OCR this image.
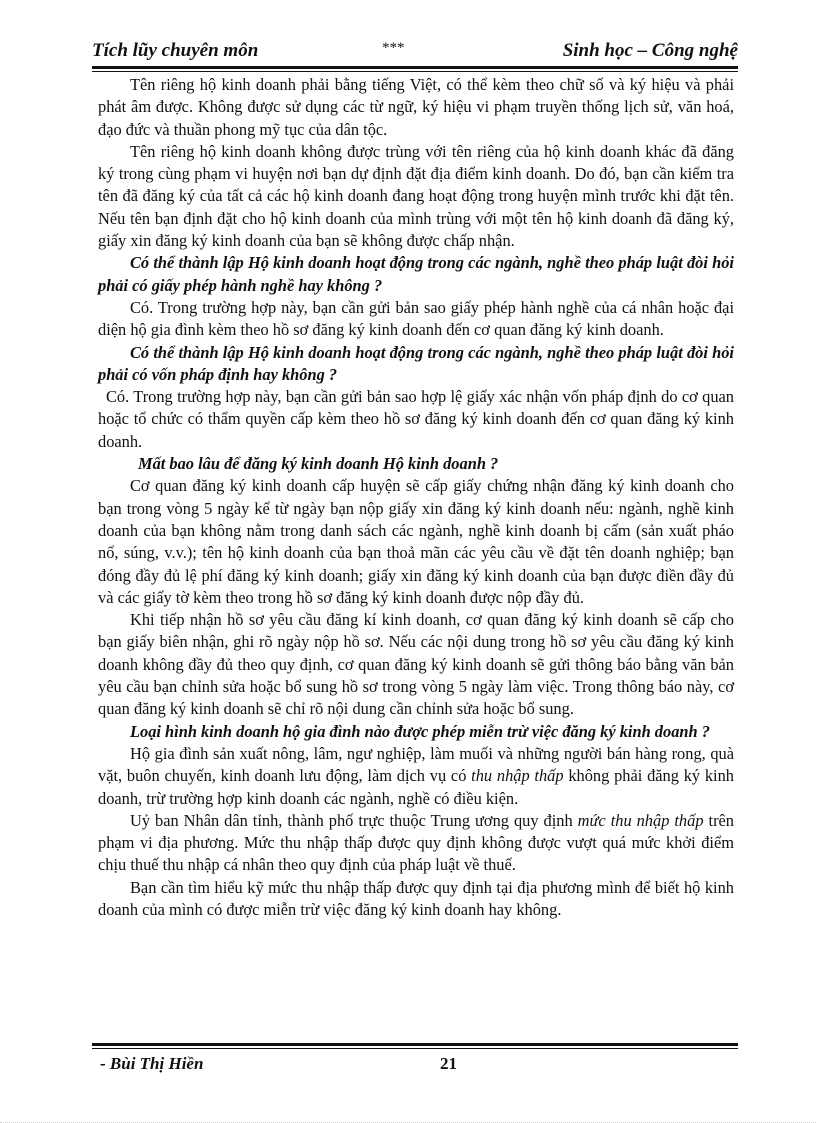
Tích lũy chuyên môn	***	Sinh học – Công nghệ

Tên riêng hộ kinh doanh phải bằng tiếng Việt, có thể kèm theo chữ số và ký hiệu và phải phát âm được. Không được sử dụng các từ ngữ, ký hiệu vi phạm truyền thống lịch sử, văn hoá, đạo đức và thuần phong mỹ tục của dân tộc.

Tên riêng hộ kinh doanh không được trùng với tên riêng của hộ kinh doanh khác đã đăng ký trong cùng phạm vi huyện nơi bạn dự định đặt địa điểm kinh doanh. Do đó, bạn cần kiểm tra tên đã đăng ký của tất cả các hộ kinh doanh đang hoạt động trong huyện mình trước khi đặt tên. Nếu tên bạn định đặt cho hộ kinh doanh của mình trùng với một tên hộ kinh doanh đã đăng ký, giấy xin đăng ký kinh doanh của bạn sẽ không được chấp nhận.

Có thể thành lập Hộ kinh doanh hoạt động trong các ngành, nghề theo pháp luật đòi hỏi phải có giấy phép hành nghề hay không ?

Có. Trong trường hợp này, bạn cần gửi bản sao giấy phép hành nghề của cá nhân hoặc đại diện hộ gia đình kèm theo hồ sơ đăng ký kinh doanh đến cơ quan đăng ký kinh doanh.

Có thể thành lập Hộ kinh doanh hoạt động trong các ngành, nghề theo pháp luật đòi hỏi phải có vốn pháp định hay không ?

Có. Trong trường hợp này, bạn cần gửi bản sao hợp lệ giấy xác nhận vốn pháp định do cơ quan hoặc tổ chức có thẩm quyền cấp kèm theo hồ sơ đăng ký kinh doanh đến cơ quan đăng ký kinh doanh.

Mất bao lâu để đăng ký kinh doanh Hộ kinh doanh ?

Cơ quan đăng ký kinh doanh cấp huyện sẽ cấp giấy chứng nhận đăng ký kinh doanh cho bạn trong vòng 5 ngày kể từ ngày bạn nộp giấy xin đăng ký kinh doanh nếu: ngành, nghề kinh doanh của bạn không nằm trong danh sách các ngành, nghề kinh doanh bị cấm (sản xuất pháo nổ, súng, v.v.); tên hộ kinh doanh của bạn thoả mãn các yêu cầu về đặt tên doanh nghiệp; bạn đóng đầy đủ lệ phí đăng ký kinh doanh; giấy xin đăng ký kinh doanh của bạn được điền đầy đủ và các giấy tờ kèm theo trong hồ sơ đăng ký kinh doanh được nộp đầy đủ.

Khi tiếp nhận hồ sơ yêu cầu đăng kí kinh doanh, cơ quan đăng ký kinh doanh sẽ cấp cho bạn giấy biên nhận, ghi rõ ngày nộp hồ sơ. Nếu các nội dung trong hồ sơ yêu cầu đăng ký kinh doanh không đầy đủ theo quy định, cơ quan đăng ký kinh doanh sẽ gửi thông báo bằng văn bản yêu cầu bạn chỉnh sửa hoặc bổ sung hồ sơ trong vòng 5 ngày làm việc. Trong thông báo này, cơ quan đăng ký kinh doanh sẽ chỉ rõ nội dung cần chỉnh sửa hoặc bổ sung.

Loại hình kinh doanh hộ gia đình nào được phép miễn trừ việc đăng ký kinh doanh ?

Hộ gia đình sản xuất nông, lâm, ngư nghiệp, làm muối và những người bán hàng rong, quà vặt, buôn chuyến, kinh doanh lưu động, làm dịch vụ có thu nhập thấp không phải đăng ký kinh doanh, trừ trường hợp kinh doanh các ngành, nghề có điều kiện.

Uỷ ban Nhân dân tỉnh, thành phố trực thuộc Trung ương quy định mức thu nhập thấp trên phạm vi địa phương. Mức thu nhập thấp được quy định không được vượt quá mức khởi điểm chịu thuế thu nhập cá nhân theo quy định của pháp luật về thuế.

Bạn cần tìm hiểu kỹ mức thu nhập thấp được quy định tại địa phương mình để biết hộ kinh doanh của mình có được miễn trừ việc đăng ký kinh doanh hay không.

- Bùi Thị Hiền	21
